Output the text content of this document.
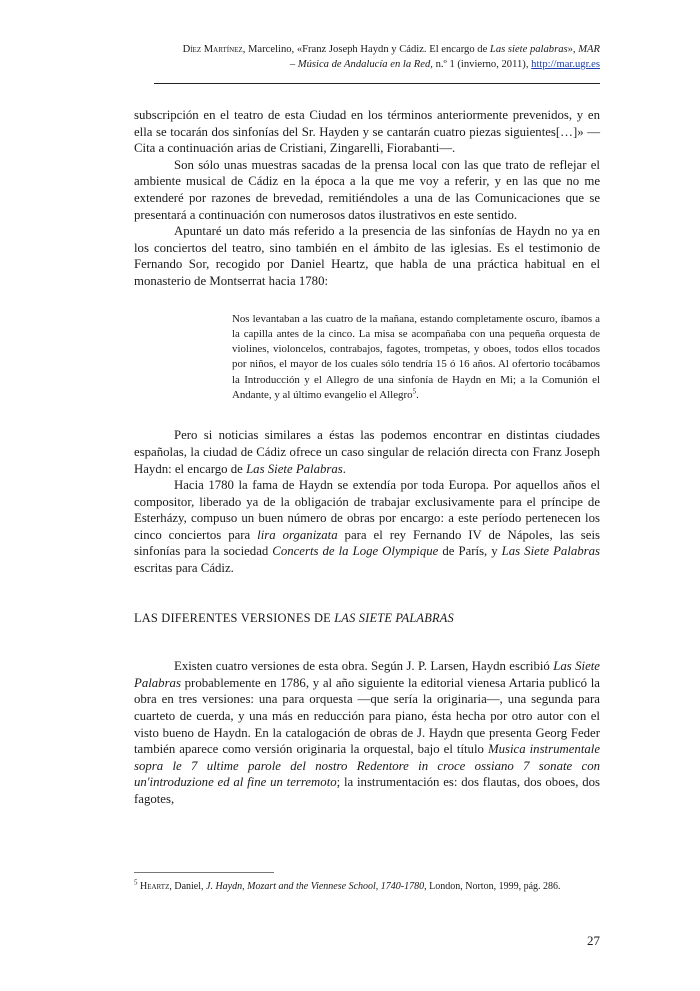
Díez Martínez, Marcelino, «Franz Joseph Haydn y Cádiz. El encargo de Las siete palabras», MAR
– Música de Andalucía en la Red, n.º 1 (invierno, 2011), http://mar.ugr.es

subscripción en el teatro de esta Ciudad en los términos anteriormente prevenidos, y en ella se tocarán dos sinfonías del Sr. Hayden y se cantarán cuatro piezas siguientes[…]» —Cita a continuación arias de Cristiani, Zingarelli, Fiorabanti—.

Son sólo unas muestras sacadas de la prensa local con las que trato de reflejar el ambiente musical de Cádiz en la época a la que me voy a referir, y en las que no me extenderé por razones de brevedad, remitiéndoles a una de las Comunicaciones que se presentará a continuación con numerosos datos ilustrativos en este sentido.

Apuntaré un dato más referido a la presencia de las sinfonías de Haydn no ya en los conciertos del teatro, sino también en el ámbito de las iglesias. Es el testimonio de Fernando Sor, recogido por Daniel Heartz, que habla de una práctica habitual en el monasterio de Montserrat hacia 1780:

Nos levantaban a las cuatro de la mañana, estando completamente oscuro, íbamos a la capilla antes de la cinco. La misa se acompañaba con una pequeña orquesta de violines, violoncelos, contrabajos, fagotes, trompetas, y oboes, todos ellos tocados por niños, el mayor de los cuales sólo tendría 15 ó 16 años. Al ofertorio tocábamos la Introducción y el Allegro de una sinfonía de Haydn en Mi; a la Comunión el Andante, y al último evangelio el Allegro$^5$.

Pero si noticias similares a éstas las podemos encontrar en distintas ciudades españolas, la ciudad de Cádiz ofrece un caso singular de relación directa con Franz Joseph Haydn: el encargo de Las Siete Palabras.

Hacia 1780 la fama de Haydn se extendía por toda Europa. Por aquellos años el compositor, liberado ya de la obligación de trabajar exclusivamente para el príncipe de Esterházy, compuso un buen número de obras por encargo: a este período pertenecen los cinco conciertos para lira organizata para el rey Fernando IV de Nápoles, las seis sinfonías para la sociedad Concerts de la Loge Olympique de París, y Las Siete Palabras escritas para Cádiz.

LAS DIFERENTES VERSIONES DE LAS SIETE PALABRAS

Existen cuatro versiones de esta obra. Según J. P. Larsen, Haydn escribió Las Siete Palabras probablemente en 1786, y al año siguiente la editorial vienesa Artaria publicó la obra en tres versiones: una para orquesta —que sería la originaria—, una segunda para cuarteto de cuerda, y una más en reducción para piano, ésta hecha por otro autor con el visto bueno de Haydn. En la catalogación de obras de J. Haydn que presenta Georg Feder también aparece como versión originaria la orquestal, bajo el título Musica instrumentale sopra le 7 ultime parole del nostro Redentore in croce ossiano 7 sonate con un'introduzione ed al fine un terremoto; la instrumentación es: dos flautas, dos oboes, dos fagotes,

$^5$ Heartz, Daniel, J. Haydn, Mozart and the Viennese School, 1740-1780, London, Norton, 1999, pág. 286.
27
